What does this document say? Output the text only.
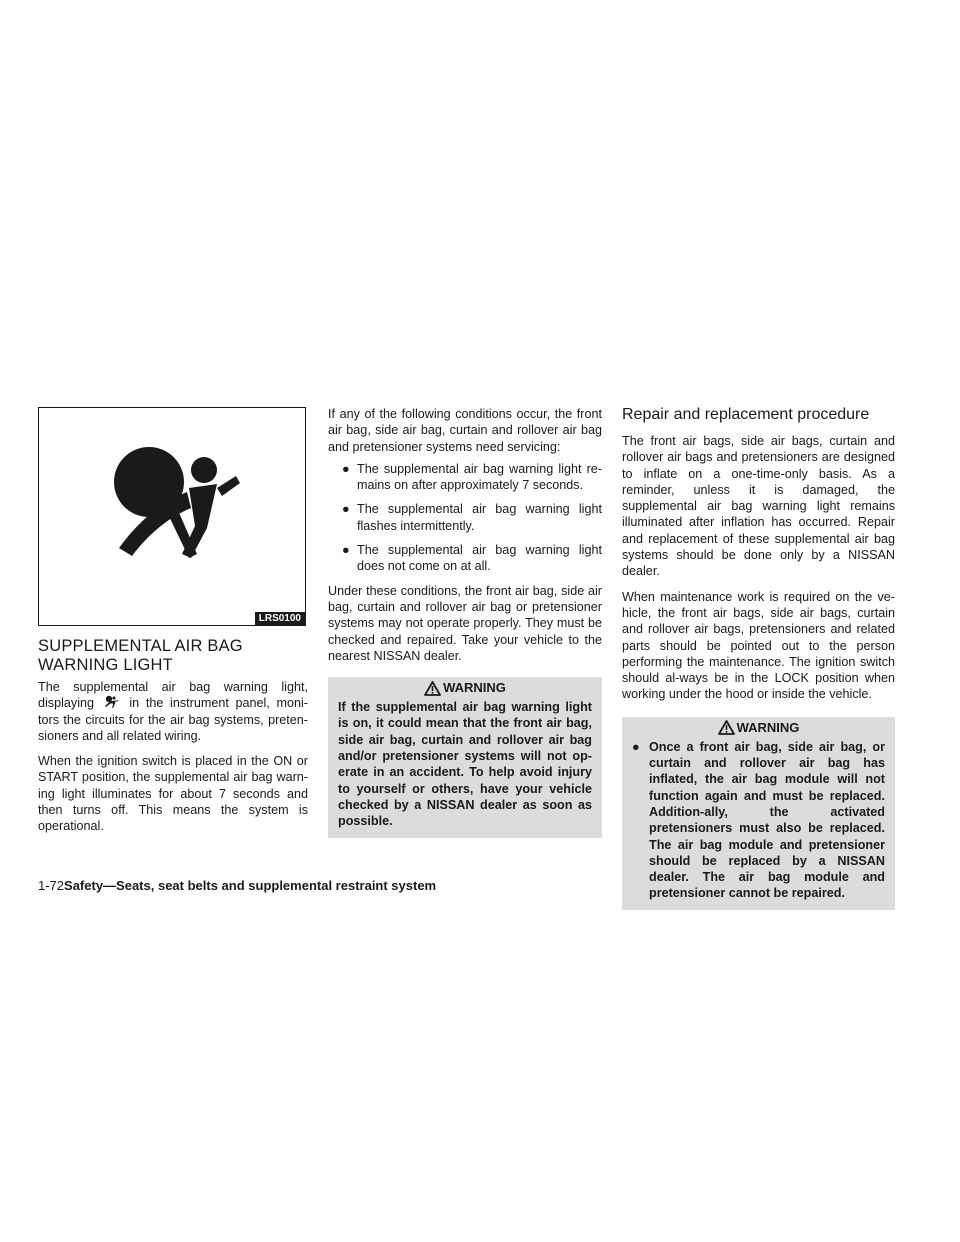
LRS0100
SUPPLEMENTAL AIR BAG
WARNING LIGHT

The supplemental air bag warning light, displaying  in the instrument panel, moni-tors the circuits for the air bag systems, preten-sioners and all related wiring.

When the ignition switch is placed in the ON or START position, the supplemental air bag warn-ing light illuminates for about 7 seconds and then turns off. This means the system is operational.

If any of the following conditions occur, the front air bag, side air bag, curtain and rollover air bag and pretensioner systems need servicing:

● The supplemental air bag warning light re-mains on after approximately 7 seconds.
● The supplemental air bag warning light flashes intermittently.
● The supplemental air bag warning light does not come on at all.

Under these conditions, the front air bag, side air bag, curtain and rollover air bag or pretensioner systems may not operate properly. They must be checked and repaired. Take your vehicle to the nearest NISSAN dealer.

WARNING
If the supplemental air bag warning light is on, it could mean that the front air bag, side air bag, curtain and rollover air bag and/or pretensioner systems will not op-erate in an accident. To help avoid injury to yourself or others, have your vehicle checked by a NISSAN dealer as soon as possible.
Repair and replacement procedure

The front air bags, side air bags, curtain and rollover air bags and pretensioners are designed to inflate on a one-time-only basis. As a reminder, unless it is damaged, the supplemental air bag warning light remains illuminated after inflation has occurred. Repair and replacement of these supplemental air bag systems should be done only by a NISSAN dealer.

When maintenance work is required on the ve-hicle, the front air bags, side air bags, curtain and rollover air bags, pretensioners and related parts should be pointed out to the person performing the maintenance. The ignition switch should al-ways be in the LOCK position when working under the hood or inside the vehicle.

WARNING
● Once a front air bag, side air bag, or curtain and rollover air bag has inflated, the air bag module will not function again and must be replaced. Addition-ally, the activated pretensioners must also be replaced. The air bag module and pretensioner should be replaced by a NISSAN dealer. The air bag module and pretensioner cannot be repaired.
1-72Safety—Seats, seat belts and supplemental restraint system
